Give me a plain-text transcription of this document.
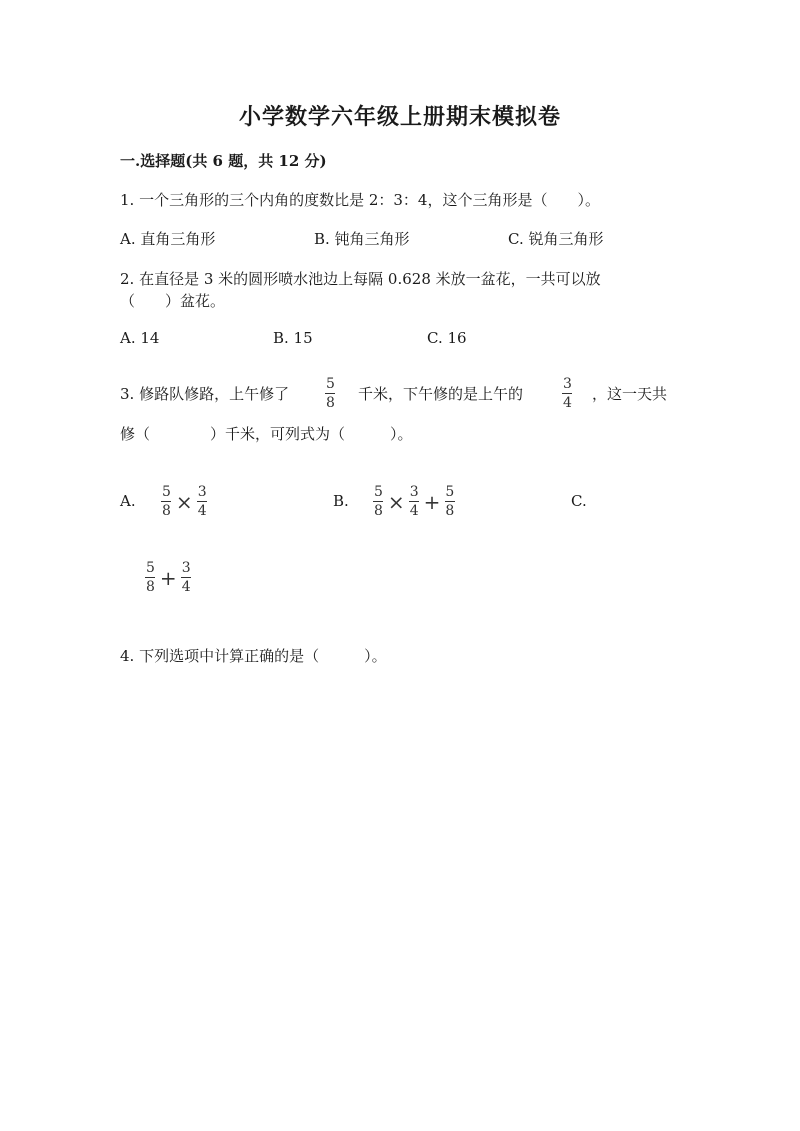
小学数学六年级上册期末模拟卷
一.选择题(共 6 题，共 12 分)
1. 一个三角形的三个内角的度数比是 2：3：4，这个三角形是（　　）。
A. 直角三角形	B. 钝角三角形	C. 锐角三角形
2. 在直径是 3 米的圆形喷水池边上每隔 0.628 米放一盆花，一共可以放
（　　）盆花。
A. 14	B. 15	C. 16
3. 修路队修路，上午修了
5
8 千米，下午修的是上午的
3
4 ，这一天共
修（　　　　）千米，可列式为（　　　）。
A. $\frac{5}{8} \times \frac{3}{4}$	B. $\frac{5}{8} \times \frac{3}{4} + \frac{5}{8}$	C.
$\frac{5}{8} + \frac{3}{4}$
4. 下列选项中计算正确的是（　　　）。
